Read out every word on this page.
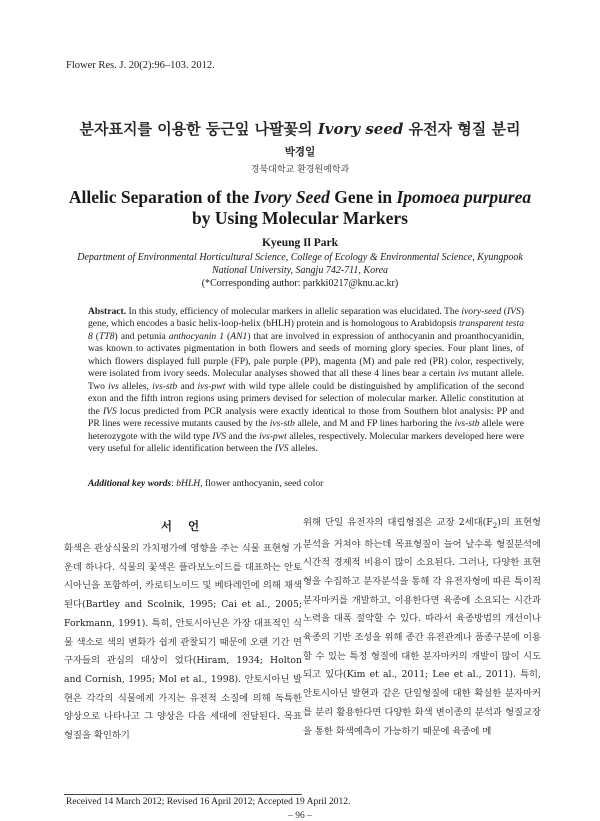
Flower Res. J. 20(2):96–103. 2012.
분자표지를 이용한 둥근잎 나팔꽃의 Ivory seed 유전자 형질 분리
박경일
경북대학교 환경원예학과
Allelic Separation of the Ivory Seed Gene in Ipomoea purpurea by Using Molecular Markers
Kyeung Il Park
Department of Environmental Horticultural Science, College of Ecology & Environmental Science, Kyungpook National University, Sangju 742-711, Korea
(*Corresponding author: parkki0217@knu.ac.kr)

Abstract. In this study, efficiency of molecular markers in allelic separation was elucidated. The ivory-seed (IVS) gene, which encodes a basic helix-loop-helix (bHLH) protein and is homologous to Arabidopsis transparent testa 8 (TT8) and petunia anthocyanin 1 (AN1) that are involved in expression of anthocyanin and proanthocyanidin, was known to activates pigmentation in both flowers and seeds of morning glory species. Four plant lines, of which flowers displayed full purple (FP), pale purple (PP), magenta (M) and pale red (PR) color, respectively, were isolated from ivory seeds. Molecular analyses showed that all these 4 lines bear a certain ivs mutant allele. Two ivs alleles, ivs-stb and ivs-pwt with wild type allele could be distinguished by amplification of the second exon and the fifth intron regions using primers devised for selection of molecular marker. Allelic constitution at the IVS locus predicted from PCR analysis were exactly identical to those from Southern blot analysis: PP and PR lines were recessive mutants caused by the ivs-stb allele, and M and FP lines harboring the ivs-stb allele were heterozygote with the wild type IVS and the ivs-pwt alleles, respectively. Molecular markers developed here were very useful for allelic identification between the IVS alleles.

Additional key words: bHLH, flower anthocyanin, seed color
서 언

화색은 관상식물의 가치평가에 영향을 주는 식물 표현형 가운데 하나다. 식물의 꽃색은 플라보노이드를 대표하는 안토시아닌을 포함하여, 카로티노이드 및 베타레인에 의해 채색된다(Bartley and Scolnik, 1995; Cai et al., 2005; Forkmann, 1991). 특히, 안토시아닌은 가장 대표적인 식물 색소로 색의 변화가 쉽게 관찰되기 때문에 오랜 기간 연구자들의 관심의 대상이 었다(Hiram, 1934; Holton and Cornish, 1995; Mol et al., 1998). 안토시아닌 발현은 각각의 식물에게 가지는 유전적 소질에 의해 독특한 양상으로 나타나고 그 양상은 다음 세대에 전달된다. 목표형질을 확인하기

위해 단일 유전자의 대립형질은 교장 2세대$(F_2)$의 표현형 분석을 거쳐야 하는데 목표형질이 늘어 날수록 형질분석에 시간적 경제적 비용이 많이 소요된다. 그러나, 다양한 표현형을 수집하고 분자분석을 통해 각 유전자형에 따른 특이적 분자마커를 개발하고, 이용한다면 육종에 소요되는 시간과 노력을 대폭 절약할 수 있다. 따라서 육종방법의 개선이나 육종의 기반 조성을 위해 종간 유전관계나 품종구분에 이용할 수 있는 특정 형질에 대한 분자마커의 개발이 많이 시도되고 있다(Kim et al., 2011; Lee et al., 2011). 특히, 안토시아닌 발현과 같은 단일형질에 대한 확실한 분자마커를 분리 활용한다면 다양한 화색 변이종의 분석과 형질교장을 통한 화색예측이 가능하기 때문에 육종에 메

Received 14 March 2012; Revised 16 April 2012; Accepted 19 April 2012.
– 96 –
